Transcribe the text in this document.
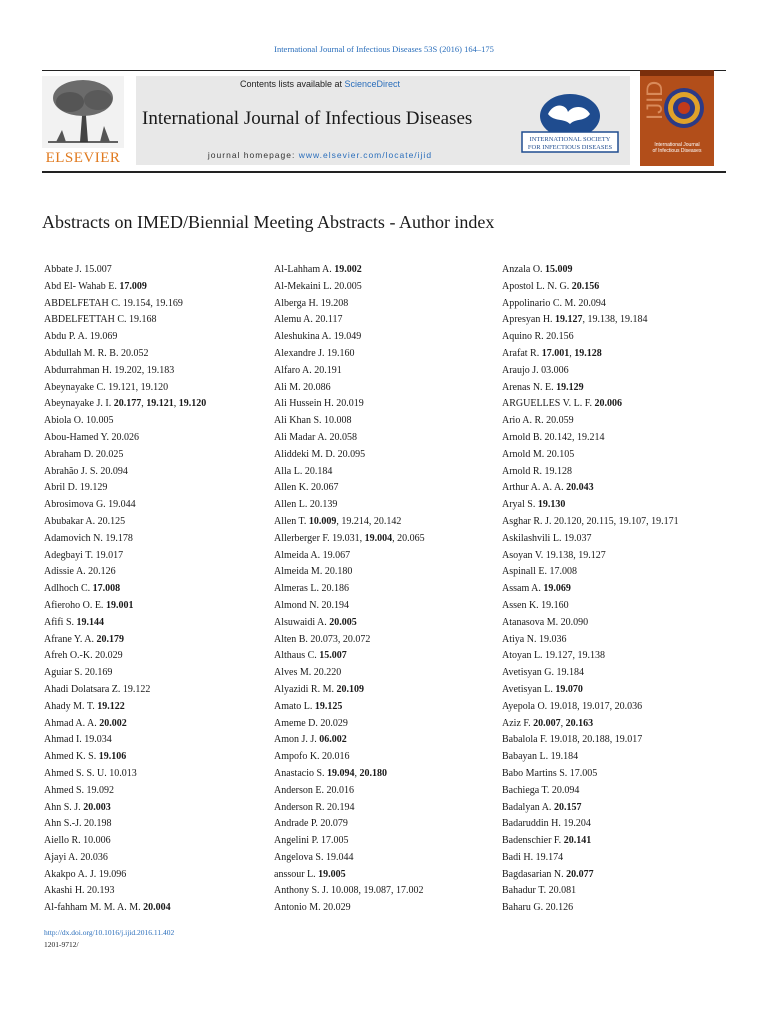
International Journal of Infectious Diseases 53S (2016) 164–175
ELSEVIER
Contents lists available at ScienceDirect
International Journal of Infectious Diseases
journal homepage: www.elsevier.com/locate/ijid
INTERNATIONAL SOCIETY
FOR INFECTIOUS DISEASES
IJID
International Journal
of Infectious Diseases
Abstracts on IMED/Biennial Meeting Abstracts - Author index
Abbate J. 15.007
Abd El- Wahab E. 17.009
ABDELFETAH C. 19.154, 19.169
ABDELFETTAH C. 19.168
Abdu P. A. 19.069
Abdullah M. R. B. 20.052
Abdurrahman H. 19.202, 19.183
Abeynayake C. 19.121, 19.120
Abeynayake J. I. 20.177, 19.121, 19.120
Abiola O. 10.005
Abou-Hamed Y. 20.026
Abraham D. 20.025
Abrahão J. S. 20.094
Abril D. 19.129
Abrosimova G. 19.044
Abubakar A. 20.125
Adamovich N. 19.178
Adegbayi T. 19.017
Adissie A. 20.126
Adlhoch C. 17.008
Afieroho O. E. 19.001
Afifi S. 19.144
Afrane Y. A. 20.179
Afreh O.-K. 20.029
Aguiar S. 20.169
Ahadi Dolatsara Z. 19.122
Ahady M. T. 19.122
Ahmad A. A. 20.002
Ahmad I. 19.034
Ahmed K. S. 19.106
Ahmed S. S. U. 10.013
Ahmed S. 19.092
Ahn S. J. 20.003
Ahn S.-J. 20.198
Aiello R. 10.006
Ajayi A. 20.036
Akakpo A. J. 19.096
Akashi H. 20.193
Al-fahham M. M. A. M. 20.004
Al-Lahham A. 19.002
Al-Mekaini L. 20.005
Alberga H. 19.208
Alemu A. 20.117
Aleshukina A. 19.049
Alexandre J. 19.160
Alfaro A. 20.191
Ali M. 20.086
Ali Hussein H. 20.019
Ali Khan S. 10.008
Ali Madar A. 20.058
Aliddeki M. D. 20.095
Alla L. 20.184
Allen K. 20.067
Allen L. 20.139
Allen T. 10.009, 19.214, 20.142
Allerberger F. 19.031, 19.004, 20.065
Almeida A. 19.067
Almeida M. 20.180
Almeras L. 20.186
Almond N. 20.194
Alsuwaidi A. 20.005
Alten B. 20.073, 20.072
Althaus C. 15.007
Alves M. 20.220
Alyazidi R. M. 20.109
Amato L. 19.125
Ameme D. 20.029
Amon J. J. 06.002
Ampofo K. 20.016
Anastacio S. 19.094, 20.180
Anderson E. 20.016
Anderson R. 20.194
Andrade P. 20.079
Angelini P. 17.005
Angelova S. 19.044
anssour L. 19.005
Anthony S. J. 10.008, 19.087, 17.002
Antonio M. 20.029
Anzala O. 15.009
Apostol L. N. G. 20.156
Appolinario C. M. 20.094
Apresyan H. 19.127, 19.138, 19.184
Aquino R. 20.156
Arafat R. 17.001, 19.128
Araujo J. 03.006
Arenas N. E. 19.129
ARGUELLES V. L. F. 20.006
Ario A. R. 20.059
Arnold B. 20.142, 19.214
Arnold M. 20.105
Arnold R. 19.128
Arthur A. A. A. 20.043
Aryal S. 19.130
Asghar R. J. 20.120, 20.115, 19.107, 19.171
Askilashvili L. 19.037
Asoyan V. 19.138, 19.127
Aspinall E. 17.008
Assam A. 19.069
Assen K. 19.160
Atanasova M. 20.090
Atiya N. 19.036
Atoyan L. 19.127, 19.138
Avetisyan G. 19.184
Avetisyan L. 19.070
Ayepola O. 19.018, 19.017, 20.036
Aziz F. 20.007, 20.163
Babalola F. 19.018, 20.188, 19.017
Babayan L. 19.184
Babo Martins S. 17.005
Bachiega T. 20.094
Badalyan A. 20.157
Badaruddin H. 19.204
Badenschier F. 20.141
Badi H. 19.174
Bagdasarian N. 20.077
Bahadur T. 20.081
Baharu G. 20.126
http://dx.doi.org/10.1016/j.ijid.2016.11.402
1201-9712/
